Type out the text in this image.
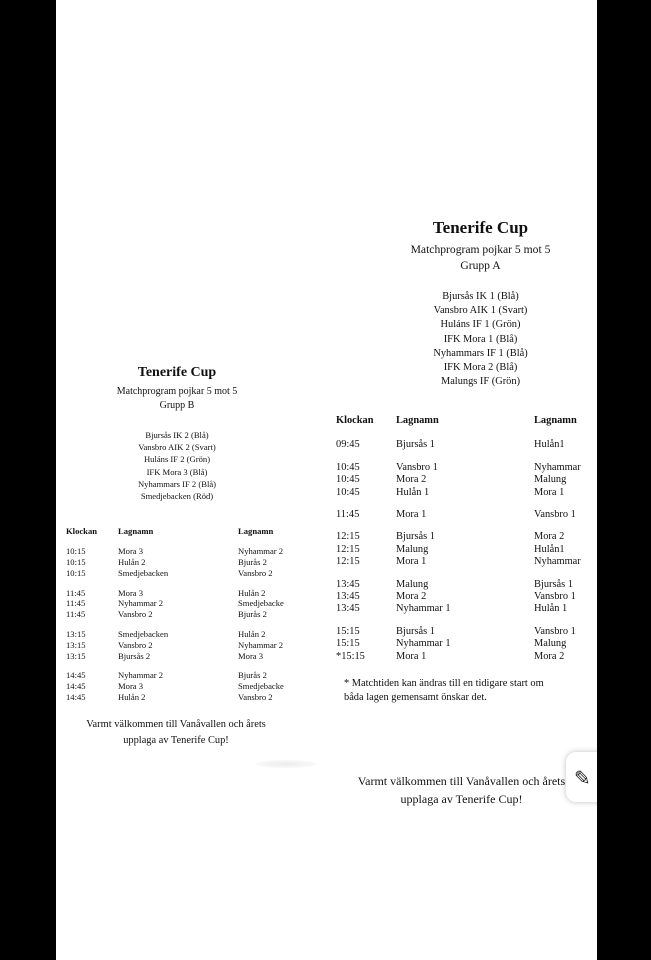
Tenerife Cup
Matchprogram pojkar 5 mot 5
Grupp B
Bjursås IK 2 (Blå)
Vansbro AIK 2 (Svart)
Huláns IF 2 (Grön)
IFK Mora 3 (Blå)
Nyhammars IF 2 (Blå)
Smedjebacken (Röd)
Klockan Lagnamn	Lagnamn
10:15	Mora 3	Nyhammar 2
10:15	Hulån 2	Bjurås 2
10:15	Smedjebacken	Vansbro 2
11:45	Mora 3	Hulån 2
11:45	Nyhammar 2	Smedjebacke
11:45	Vansbro 2	Bjurås 2
13:15	Smedjebacken	Hulån 2
13:15	Vansbro 2	Nyhammar 2
13:15	Bjursås 2	Mora 3
14:45	Nyhammar 2	Bjurås 2
14:45	Mora 3	Smedjebacke
14:45	Hulån 2	Vansbro 2
Varmt välkommen till Vanåvallen och årets
upplaga av Tenerife Cup!
Tenerife Cup
Matchprogram pojkar 5 mot 5
Grupp A
Bjursås IK 1 (Blå)
Vansbro AIK 1 (Svart)
Huláns IF 1 (Grön)
IFK Mora 1 (Blå)
Nyhammars IF 1 (Blå)
IFK Mora 2 (Blå)
Malungs IF (Grön)
Klockan Lagnamn	Lagnamn
09:45	Bjursås 1	Hulån1
10:45	Vansbro 1	Nyhammar
10:45	Mora 2	Malung
10:45	Hulån 1	Mora 1
11:45	Mora 1	Vansbro 1
12:15	Bjursås 1	Mora 2
12:15	Malung	Hulån1
12:15	Mora 1	Nyhammar
13:45	Malung	Bjursås 1
13:45	Mora 2	Vansbro 1
13:45	Nyhammar 1	Hulån 1
15:15	Bjursås 1	Vansbro 1
15:15	Nyhammar 1	Malung
*15:15	Mora 1	Mora 2
* Matchtiden kan ändras till en tidigare start om
båda lagen gemensamt önskar det.
Varmt välkommen till Vanåvallen och årets
upplaga av Tenerife Cup!
✎
